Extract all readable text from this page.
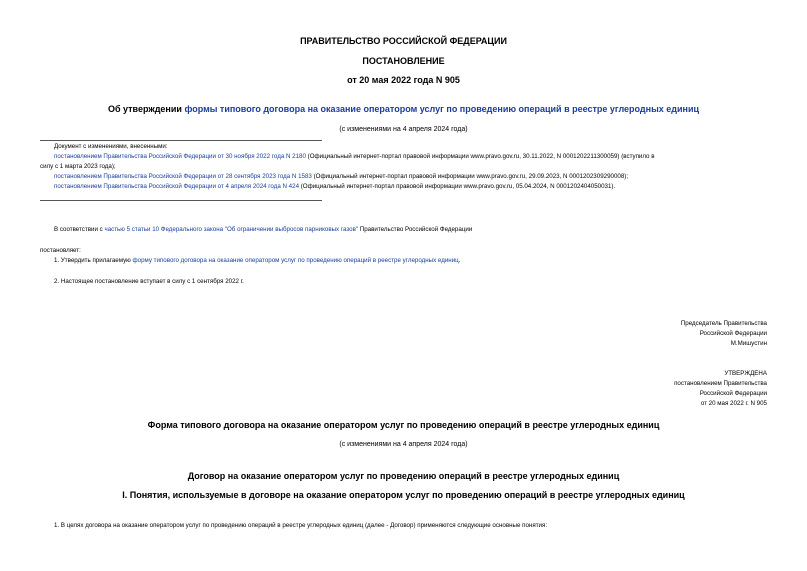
ПРАВИТЕЛЬСТВО РОССИЙСКОЙ ФЕДЕРАЦИИ
ПОСТАНОВЛЕНИЕ
от 20 мая 2022 года N 905
Об утверждении формы типового договора на оказание оператором услуг по проведению операций в реестре углеродных единиц
(с изменениями на 4 апреля 2024 года)
Документ с изменениями, внесенными:
постановлением Правительства Российской Федерации от 30 ноября 2022 года N 2180 (Официальный интернет-портал правовой информации www.pravo.gov.ru, 30.11.2022, N 0001202211300059) (вступило в
силу с 1 марта 2023 года);
постановлением Правительства Российской Федерации от 28 сентября 2023 года N 1583 (Официальный интернет-портал правовой информации www.pravo.gov.ru, 29.09.2023, N 0001202309290008);
постановлением Правительства Российской Федерации от 4 апреля 2024 года N 424 (Официальный интернет-портал правовой информации www.pravo.gov.ru, 05.04.2024, N 0001202404050031).
В соответствии с частью 5 статьи 10 Федерального закона "Об ограничении выбросов парниковых газов" Правительство Российской Федерации
постановляет:
1. Утвердить прилагаемую форму типового договора на оказание оператором услуг по проведению операций в реестре углеродных единиц.
2. Настоящее постановление вступает в силу с 1 сентября 2022 г.
Председатель Правительства
Российской Федерации
М.Мишустин
УТВЕРЖДЕНА
постановлением Правительства
Российской Федерации
от 20 мая 2022 г. N 905
Форма типового договора на оказание оператором услуг по проведению операций в реестре углеродных единиц
(с изменениями на 4 апреля 2024 года)
Договор на оказание оператором услуг по проведению операций в реестре углеродных единиц
I. Понятия, используемые в договоре на оказание оператором услуг по проведению операций в реестре углеродных единиц
1. В целях договора на оказание оператором услуг по проведению операций в реестре углеродных единиц (далее - Договор) применяются следующие основные понятия:
